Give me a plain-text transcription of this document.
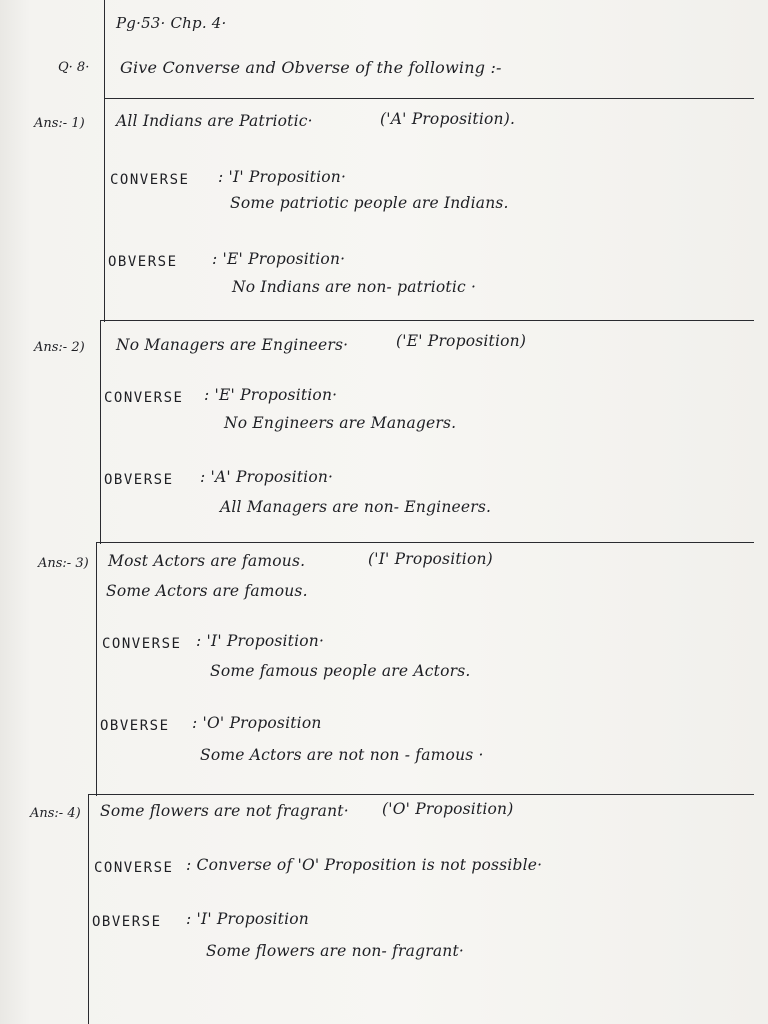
Pg·53· Chp. 4·
Q· 8· Give Converse and Obverse of the following :-
Ans:- 1) All Indians are Patriotic·	('A' Proposition).
CONVERSE : 'I' Proposition·
Some patriotic people are Indians.
OBVERSE : 'E' Proposition·
No Indians are non- patriotic ·
Ans:- 2) No Managers are Engineers·	('E' Proposition)
CONVERSE : 'E' Proposition·
No Engineers are Managers.
OBVERSE : 'A' Proposition·
All Managers are non- Engineers.
Ans:- 3) Most Actors are famous.	('I' Proposition)
Some Actors are famous.
CONVERSE : 'I' Proposition·
Some famous people are Actors.
OBVERSE : 'O' Proposition
Some Actors are not non - famous ·
Ans:- 4) Some flowers are not fragrant· ('O' Proposition)
CONVERSE : Converse of 'O' Proposition is not possible·
OBVERSE : 'I' Proposition
Some flowers are non- fragrant·
